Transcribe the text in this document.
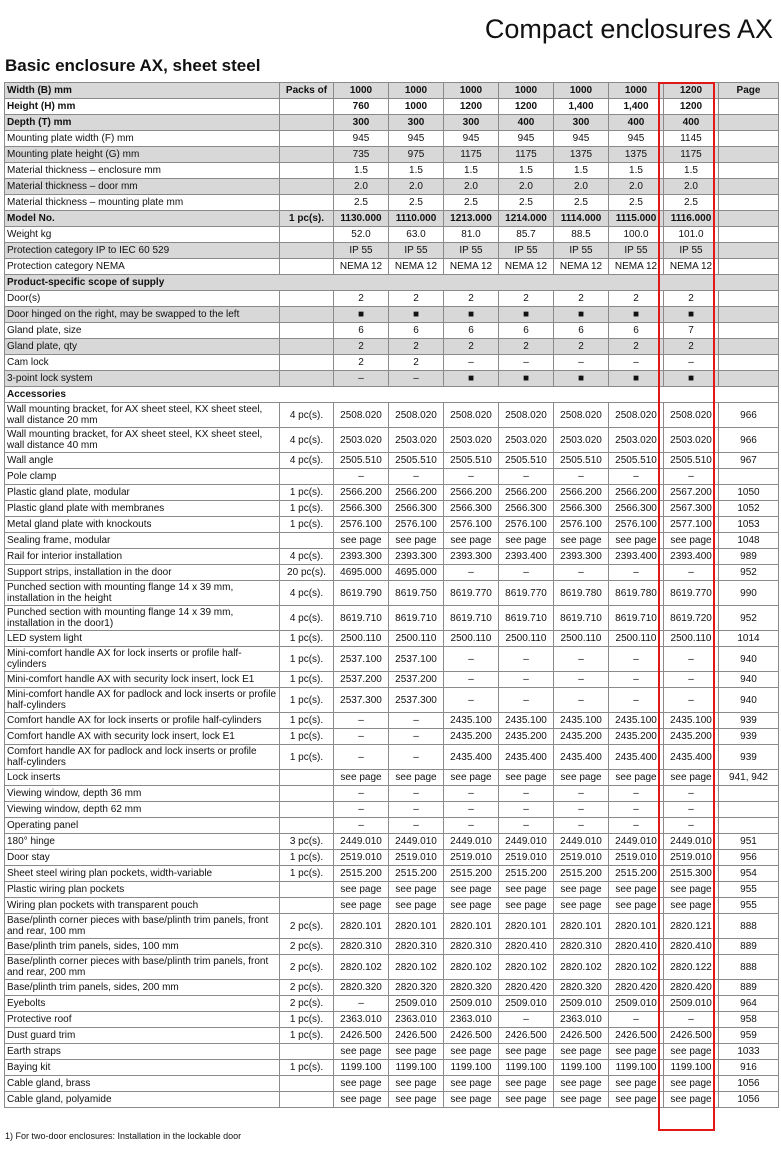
Compact enclosures AX
Basic enclosure AX, sheet steel
Width (B) mm	Packs of	1000	1000	1000	1000	1000	1000	1200	Page
Height (H) mm		760	1000	1200	1200	1,400	1,400	1200	
Depth (T) mm		300	300	300	400	300	400	400	
Mounting plate width (F) mm		945	945	945	945	945	945	1145	
Mounting plate height (G) mm		735	975	1175	1175	1375	1375	1175	
Material thickness – enclosure mm		1.5	1.5	1.5	1.5	1.5	1.5	1.5	
Material thickness – door mm		2.0	2.0	2.0	2.0	2.0	2.0	2.0	
Material thickness – mounting plate mm		2.5	2.5	2.5	2.5	2.5	2.5	2.5	
Model No.	1 pc(s).	1130.000	1110.000	1213.000	1214.000	1114.000	1115.000	1116.000	
Weight kg		52.0	63.0	81.0	85.7	88.5	100.0	101.0	
Protection category IP to IEC 60 529		IP 55	IP 55	IP 55	IP 55	IP 55	IP 55	IP 55	
Protection category NEMA		NEMA 12	NEMA 12	NEMA 12	NEMA 12	NEMA 12	NEMA 12	NEMA 12	
Product-specific scope of supply									
Door(s)		2	2	2	2	2	2	2	
Door hinged on the right, may be swapped to the left		■	■	■	■	■	■	■	
Gland plate, size		6	6	6	6	6	6	7	
Gland plate, qty		2	2	2	2	2	2	2	
Cam lock		2	2	–	–	–	–	–	
3-point lock system		–	–	■	■	■	■	■	
Accessories									
Wall mounting bracket, for AX sheet steel, KX sheet steel, wall distance 20 mm	4 pc(s).	2508.020	2508.020	2508.020	2508.020	2508.020	2508.020	2508.020	966
Wall mounting bracket, for AX sheet steel, KX sheet steel, wall distance 40 mm	4 pc(s).	2503.020	2503.020	2503.020	2503.020	2503.020	2503.020	2503.020	966
Wall angle	4 pc(s).	2505.510	2505.510	2505.510	2505.510	2505.510	2505.510	2505.510	967
Pole clamp		–	–	–	–	–	–	–	
Plastic gland plate, modular	1 pc(s).	2566.200	2566.200	2566.200	2566.200	2566.200	2566.200	2567.200	1050
Plastic gland plate with membranes	1 pc(s).	2566.300	2566.300	2566.300	2566.300	2566.300	2566.300	2567.300	1052
Metal gland plate with knockouts	1 pc(s).	2576.100	2576.100	2576.100	2576.100	2576.100	2576.100	2577.100	1053
Sealing frame, modular		see page	see page	see page	see page	see page	see page	see page	1048
Rail for interior installation	4 pc(s).	2393.300	2393.300	2393.300	2393.400	2393.300	2393.400	2393.400	989
Support strips, installation in the door	20 pc(s).	4695.000	4695.000	–	–	–	–	–	952
Punched section with mounting flange 14 x 39 mm, installation in the height	4 pc(s).	8619.790	8619.750	8619.770	8619.770	8619.780	8619.780	8619.770	990
Punched section with mounting flange 14 x 39 mm, installation in the door1)	4 pc(s).	8619.710	8619.710	8619.710	8619.710	8619.710	8619.710	8619.720	952
LED system light	1 pc(s).	2500.110	2500.110	2500.110	2500.110	2500.110	2500.110	2500.110	1014
Mini-comfort handle AX for lock inserts or profile half-cylinders	1 pc(s).	2537.100	2537.100	–	–	–	–	–	940
Mini-comfort handle AX with security lock insert, lock E1	1 pc(s).	2537.200	2537.200	–	–	–	–	–	940
Mini-comfort handle AX for padlock and lock inserts or profile half-cylinders	1 pc(s).	2537.300	2537.300	–	–	–	–	–	940
Comfort handle AX for lock inserts or profile half-cylinders	1 pc(s).	–	–	2435.100	2435.100	2435.100	2435.100	2435.100	939
Comfort handle AX with security lock insert, lock E1	1 pc(s).	–	–	2435.200	2435.200	2435.200	2435.200	2435.200	939
Comfort handle AX for padlock and lock inserts or profile half-cylinders	1 pc(s).	–	–	2435.400	2435.400	2435.400	2435.400	2435.400	939
Lock inserts		see page	see page	see page	see page	see page	see page	see page	941, 942
Viewing window, depth 36 mm		–	–	–	–	–	–	–	
Viewing window, depth 62 mm		–	–	–	–	–	–	–	
Operating panel		–	–	–	–	–	–	–	
180° hinge	3 pc(s).	2449.010	2449.010	2449.010	2449.010	2449.010	2449.010	2449.010	951
Door stay	1 pc(s).	2519.010	2519.010	2519.010	2519.010	2519.010	2519.010	2519.010	956
Sheet steel wiring plan pockets, width-variable	1 pc(s).	2515.200	2515.200	2515.200	2515.200	2515.200	2515.200	2515.300	954
Plastic wiring plan pockets		see page	see page	see page	see page	see page	see page	see page	955
Wiring plan pockets with transparent pouch		see page	see page	see page	see page	see page	see page	see page	955
Base/plinth corner pieces with base/plinth trim panels, front and rear, 100 mm	2 pc(s).	2820.101	2820.101	2820.101	2820.101	2820.101	2820.101	2820.121	888
Base/plinth trim panels, sides, 100 mm	2 pc(s).	2820.310	2820.310	2820.310	2820.410	2820.310	2820.410	2820.410	889
Base/plinth corner pieces with base/plinth trim panels, front and rear, 200 mm	2 pc(s).	2820.102	2820.102	2820.102	2820.102	2820.102	2820.102	2820.122	888
Base/plinth trim panels, sides, 200 mm	2 pc(s).	2820.320	2820.320	2820.320	2820.420	2820.320	2820.420	2820.420	889
Eyebolts	2 pc(s).	–	2509.010	2509.010	2509.010	2509.010	2509.010	2509.010	964
Protective roof	1 pc(s).	2363.010	2363.010	2363.010	–	2363.010	–	–	958
Dust guard trim	1 pc(s).	2426.500	2426.500	2426.500	2426.500	2426.500	2426.500	2426.500	959
Earth straps		see page	see page	see page	see page	see page	see page	see page	1033
Baying kit	1 pc(s).	1199.100	1199.100	1199.100	1199.100	1199.100	1199.100	1199.100	916
Cable gland, brass		see page	see page	see page	see page	see page	see page	see page	1056
Cable gland, polyamide		see page	see page	see page	see page	see page	see page	see page	1056
1) For two-door enclosures: Installation in the lockable door
